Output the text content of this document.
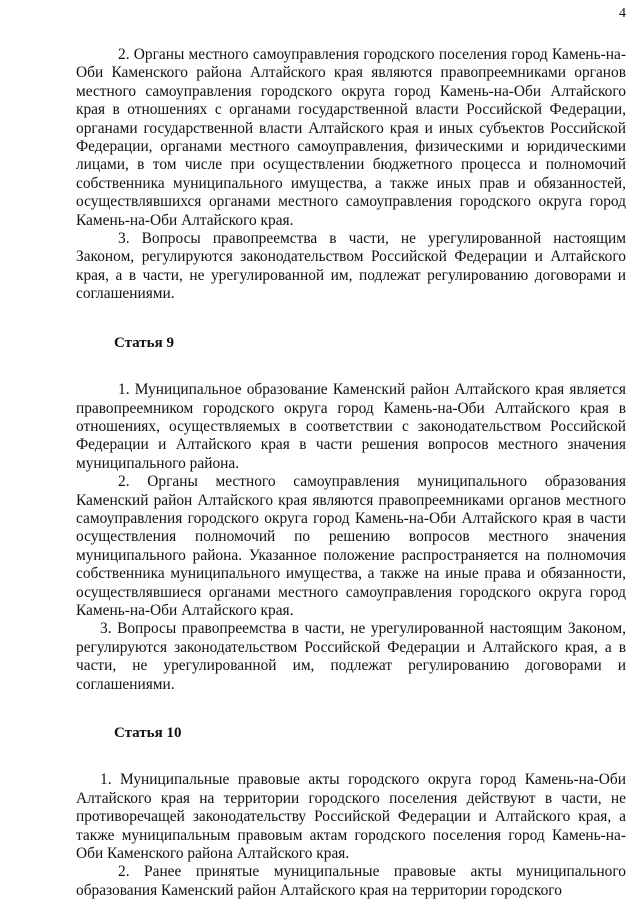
4

2. Органы местного самоуправления городского поселения город Камень-на-Оби Каменского района Алтайского края являются правопреемниками органов местного самоуправления городского округа город Камень-на-Оби Алтайского края в отношениях с органами государственной власти Российской Федерации, органами государственной власти Алтайского края и иных субъектов Российской Федерации, органами местного самоуправления, физическими и юридическими лицами, в том числе при осуществлении бюджетного процесса и полномочий собственника муниципального имущества, а также иных прав и обязанностей, осуществлявшихся органами местного самоуправления городского округа город Камень-на-Оби Алтайского края.

3. Вопросы правопреемства в части, не урегулированной настоящим Законом, регулируются законодательством Российской Федерации и Алтайского края, а в части, не урегулированной им, подлежат регулированию договорами и соглашениями.

Статья 9

1. Муниципальное образование Каменский район Алтайского края является правопреемником городского округа город Камень-на-Оби Алтайского края в отношениях, осуществляемых в соответствии с законодательством Российской Федерации и Алтайского края в части решения вопросов местного значения муниципального района.

2. Органы местного самоуправления муниципального образования Каменский район Алтайского края являются правопреемниками органов местного самоуправления городского округа город Камень-на-Оби Алтайского края в части осуществления полномочий по решению вопросов местного значения муниципального района. Указанное положение распространяется на полномочия собственника муниципального имущества, а также на иные права и обязанности, осуществлявшиеся органами местного самоуправления городского округа город Камень-на-Оби Алтайского края.

3. Вопросы правопреемства в части, не урегулированной настоящим Законом, регулируются законодательством Российской Федерации и Алтайского края, а в части, не урегулированной им, подлежат регулированию договорами и соглашениями.

Статья 10

1. Муниципальные правовые акты городского округа город Камень-на-Оби Алтайского края на территории городского поселения действуют в части, не противоречащей законодательству Российской Федерации и Алтайского края, а также муниципальным правовым актам городского поселения город Камень-на-Оби Каменского района Алтайского края.

2. Ранее принятые муниципальные правовые акты муниципального образования Каменский район Алтайского края на территории городского
